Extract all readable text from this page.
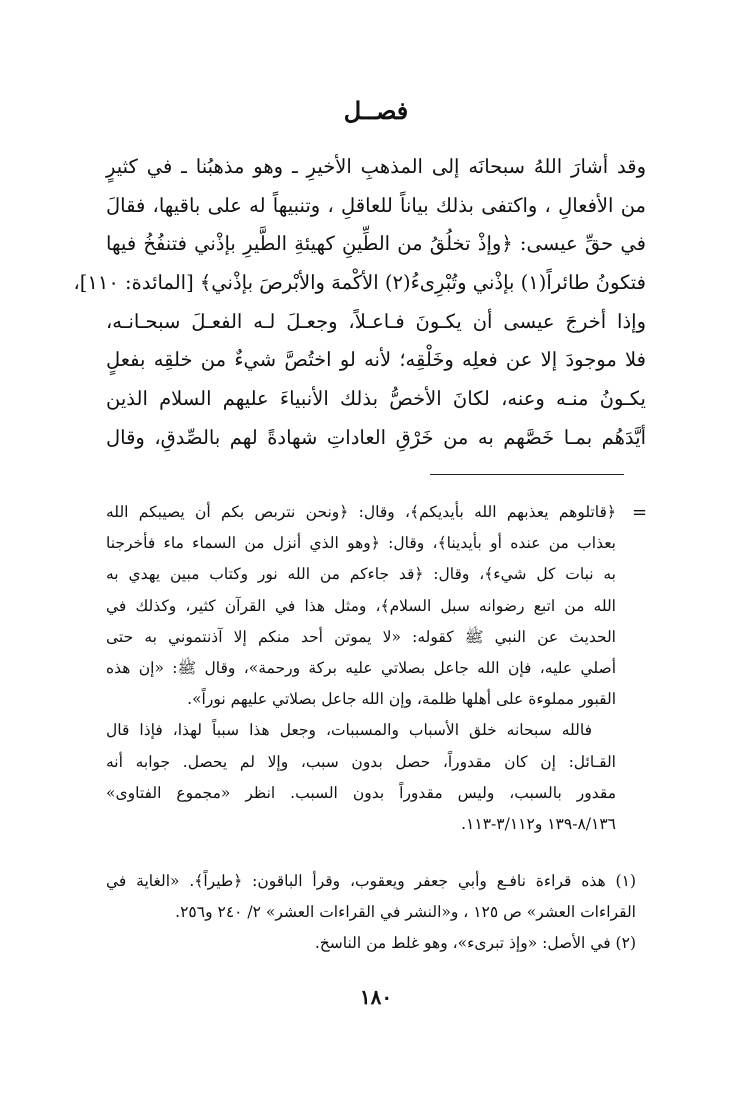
فصــل
وقد أشارَ اللهُ سبحانَه إلى المذهبِ الأخيرِ ـ وهو مذهبُنا ـ في كثيرٍ
من الأفعالِ ، واكتفى بذلك بياناً للعاقلِ ، وتنبيهاً له على باقيها، فقالَ
في حقِّ عيسى: ﴿وإذْ تخلُقُ من الطِّينِ كهيئةِ الطَّيرِ بإذْني فتنفُخُ فيها
فتكونُ طائراً(١) بإذْني وتُبْرِىءُ(٢) الأكْمهَ والأبْرصَ بإذْني﴾ [المائدة: ١١٠]،
وإذا أخرجَ عيسى أن يكـونَ فـاعـلاً، وجعـلَ لـه الفعـلَ سبحـانـه،
فلا موجودَ إلا عن فعلِه وخَلْقِه؛ لأنه لو اختُصَّ شيءٌ من خلقِه بفعلٍ
يكـونُ منـه وعنه، لكانَ الأخصُّ بذلك الأنبياءَ عليهم السلام الذين
أيَّدَهُم بمـا خَصَّهم به من خَرْقِ العاداتِ شهادةً لهم بالصِّدقِ، وقال
=
﴿قاتلوهم يعذبهم الله بأيديكم﴾، وقال: ﴿ونحن نتربص بكم أن يصيبكم الله
بعذاب من عنده أو بأيدينا﴾، وقال: ﴿وهو الذي أنزل من السماء ماء فأخرجنا
به نبات كل شيء﴾، وقال: ﴿قد جاءكم من الله نور وكتاب مبين يهدي به
الله من اتبع رضوانه سبل السلام﴾، ومثل هذا في القرآن كثير، وكذلك في
الحديث عن النبي ﷺ كقوله: «لا يموتن أحد منكم إلا آذنتموني به حتى
أصلي عليه، فإن الله جاعل بصلاتي عليه بركة ورحمة»، وقال ﷺ: «إن هذه
القبور مملوءة على أهلها ظلمة، وإن الله جاعل بصلاتي عليهم نوراً».
فالله سبحانه خلق الأسباب والمسببات، وجعل هذا سبباً لهذا، فإذا قال
القـائل: إن كان مقدوراً، حصل بدون سبب، وإلا لم يحصل. جوابه أنه
مقدور بالسبب، وليس مقدوراً بدون السبب. انظر «مجموع الفتاوى»
٨/١٣٦-١٣٩ و٣/١١٢-١١٣.
(١) هذه قراءة نافـع وأبي جعفر ويعقوب، وقرأ الباقون: ﴿طيراً﴾. «الغاية في
القراءات العشر» ص ١٢٥ ، و«النشر في القراءات العشر» ٢/ ٢٤٠ و٢٥٦.
(٢) في الأصل: «وإذ تبرىء»، وهو غلط من الناسخ.
١٨٠
